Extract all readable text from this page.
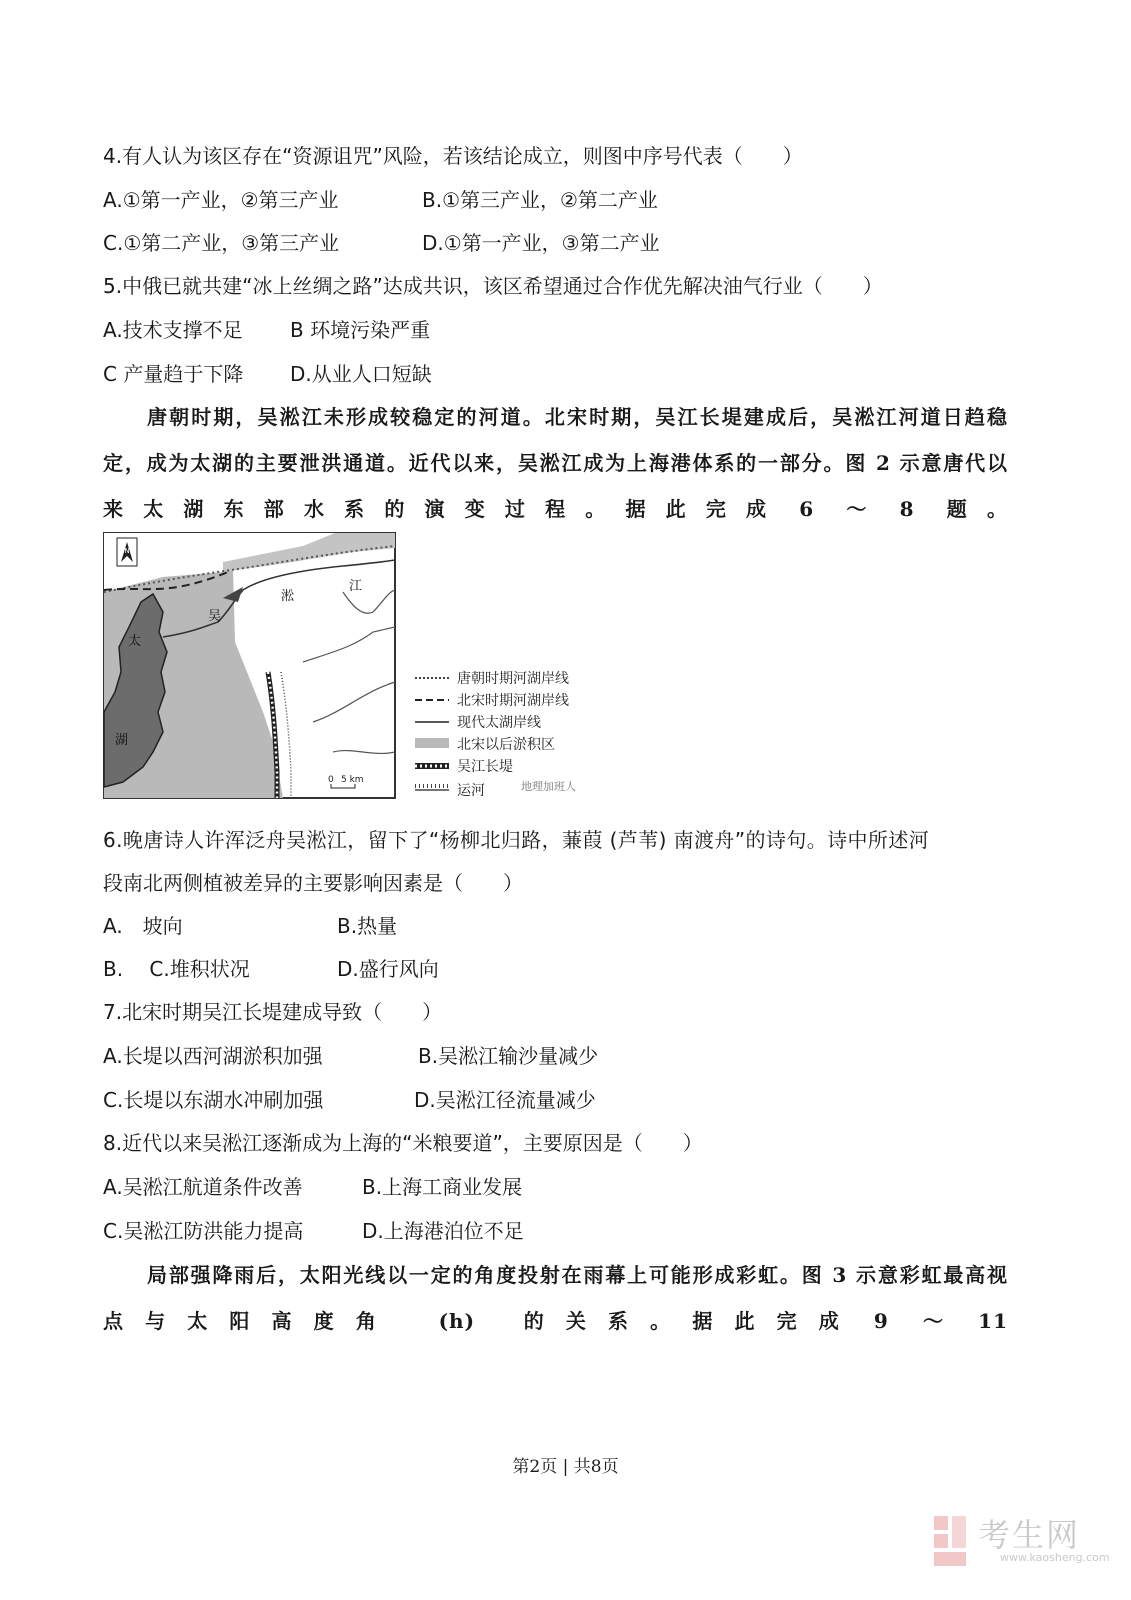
4.有人认为该区存在“资源诅咒”风险，若该结论成立，则图中序号代表（　　）
A.①第一产业，②第三产业	B.①第三产业，②第二产业
C.①第二产业，③第三产业	D.①第一产业，③第二产业
5.中俄已就共建“冰上丝绸之路”达成共识，该区希望通过合作优先解决油气行业（　　）
A.技术支撑不足 B 环境污染严重
C 产量趋于下降 D.从业人口短缺

唐朝时期，吴淞江未形成较稳定的河道。北宋时期，吴江长堤建成后，吴淞江河道日趋稳

定，成为太湖的主要泄洪通道。近代以来，吴淞江成为上海港体系的一部分。图 2 示意唐代以

来 太 湖 东 部 水 系 的 演 变 过 程 。 据 此 完 成　6　～　8　题 。

N
太
湖
吴
淞
江
0 5 km
唐朝时期河湖岸线
北宋时期河湖岸线
现代太湖岸线
北宋以后淤积区
吴江长堤
运河	地理加班人
6.晚唐诗人许浑泛舟吴淞江，留下了“杨柳北归路，蒹葭 (芦苇) 南渡舟”的诗句。诗中所述河
段南北两侧植被差异的主要影响因素是（　　）
A.　坡向	B.热量
B.　 C.堆积状况	D.盛行风向
7.北宋时期吴江长堤建成导致（　　）
A.长堤以西河湖淤积加强	B.吴淞江输沙量减少
C.长堤以东湖水冲刷加强	D.吴淞江径流量减少
8.近代以来吴淞江逐渐成为上海的“米粮要道”，主要原因是（　　）
A.吴淞江航道条件改善	B.上海工商业发展
C.吴淞江防洪能力提高	D.上海港泊位不足

局部强降雨后，太阳光线以一定的角度投射在雨幕上可能形成彩虹。图 3 示意彩虹最高视

点 与 太 阳 高 度 角　　(h)　 的 关 系 。 据 此 完 成　9　～　11

第2页 | 共8页
考生网
www.kaosheng.com
